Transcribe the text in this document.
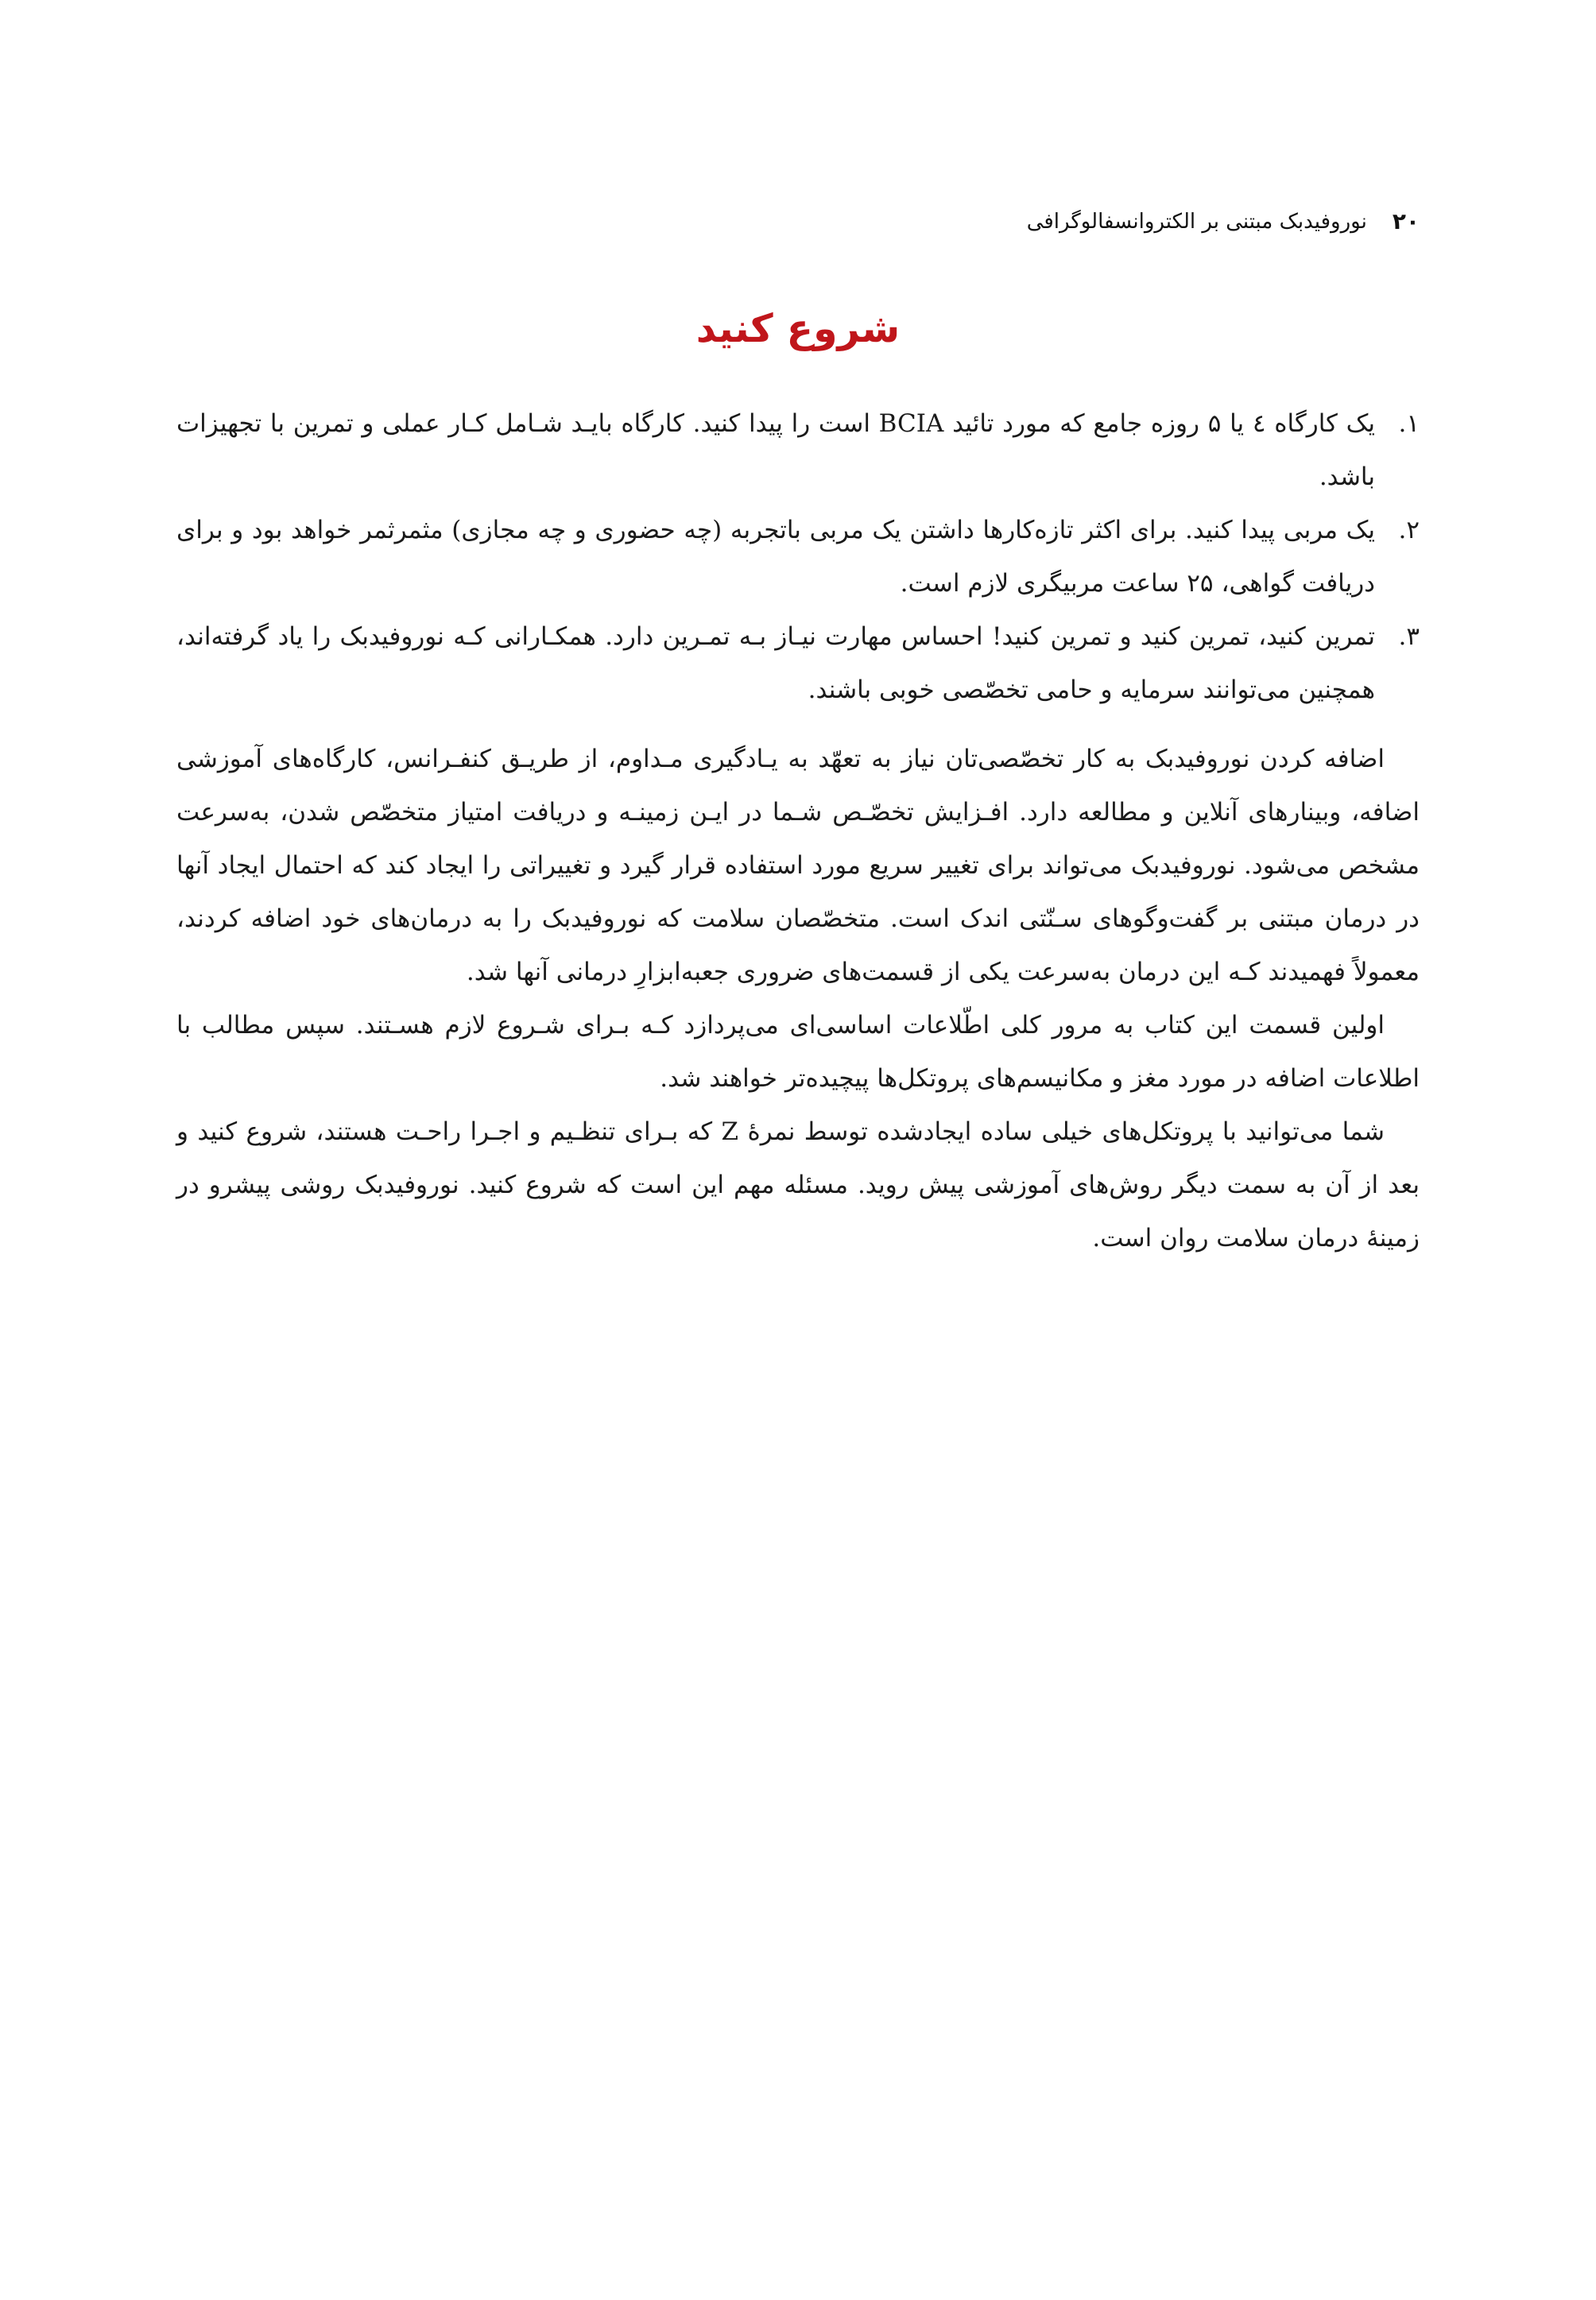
۲۰
نوروفیدبک مبتنی بر الکتروانسفالوگرافی
شروع کنید
۱.
یک کارگاه ٤ یا ۵ روزه جامع که مورد تائید BCIA است را پیدا کنید. کارگاه بایـد شـامل کـار عملی و تمرین با تجهیزات باشد.
۲.
یک مربی پیدا کنید. برای اکثر تازه‌کارها داشتن یک مربی باتجربه (چه حضوری و چه مجازی) مثمرثمر خواهد بود و برای دریافت گواهی، ۲۵ ساعت مربیگری لازم است.
۳.
تمرین کنید، تمرین کنید و تمرین کنید! احساس مهارت نیـاز بـه تمـرین دارد. همکـارانی کـه نوروفیدبک را یاد گرفته‌اند، همچنین می‌توانند سرمایه و حامی تخصّصی خوبی باشند.

اضافه کردن نوروفیدبک به کار تخصّصی‌تان نیاز به تعهّد به یـادگیری مـداوم، از طریـق کنفـرانس، کارگاه‌های آموزشی اضافه، وبینارهای آنلاین و مطالعه دارد. افـزایش تخصّـص شـما در ایـن زمینـه و دریافت امتیاز متخصّص شدن، به‌سرعت مشخص می‌شود. نوروفیدبک می‌تواند برای تغییر سریع مورد استفاده قرار گیرد و تغییراتی را ایجاد کند که احتمال ایجاد آنها در درمان مبتنی بر گفت‌وگوهای سـنّتی اندک است. متخصّصان سلامت که نوروفیدبک را به درمان‌های خود اضافه کردند، معمولاً فهمیدند کـه این درمان به‌سرعت یکی از قسمت‌های ضروری جعبه‌ابزارِ درمانی آنها شد.

اولین قسمت این کتاب به مرور کلی اطّلاعات اساسی‌ای می‌پردازد کـه بـرای شـروع لازم هسـتند. سپس مطالب با اطلاعات اضافه در مورد مغز و مکانیسم‌های پروتکل‌ها پیچیده‌تر خواهند شد.

شما می‌توانید با پروتکل‌های خیلی ساده ایجادشده توسط نمرۀ Z که بـرای تنظـیم و اجـرا راحـت هستند، شروع کنید و بعد از آن به سمت دیگر روش‌های آموزشی پیش روید. مسئله مهم این است که شروع کنید. نوروفیدبک روشی پیشرو در زمینۀ درمان سلامت روان است.
